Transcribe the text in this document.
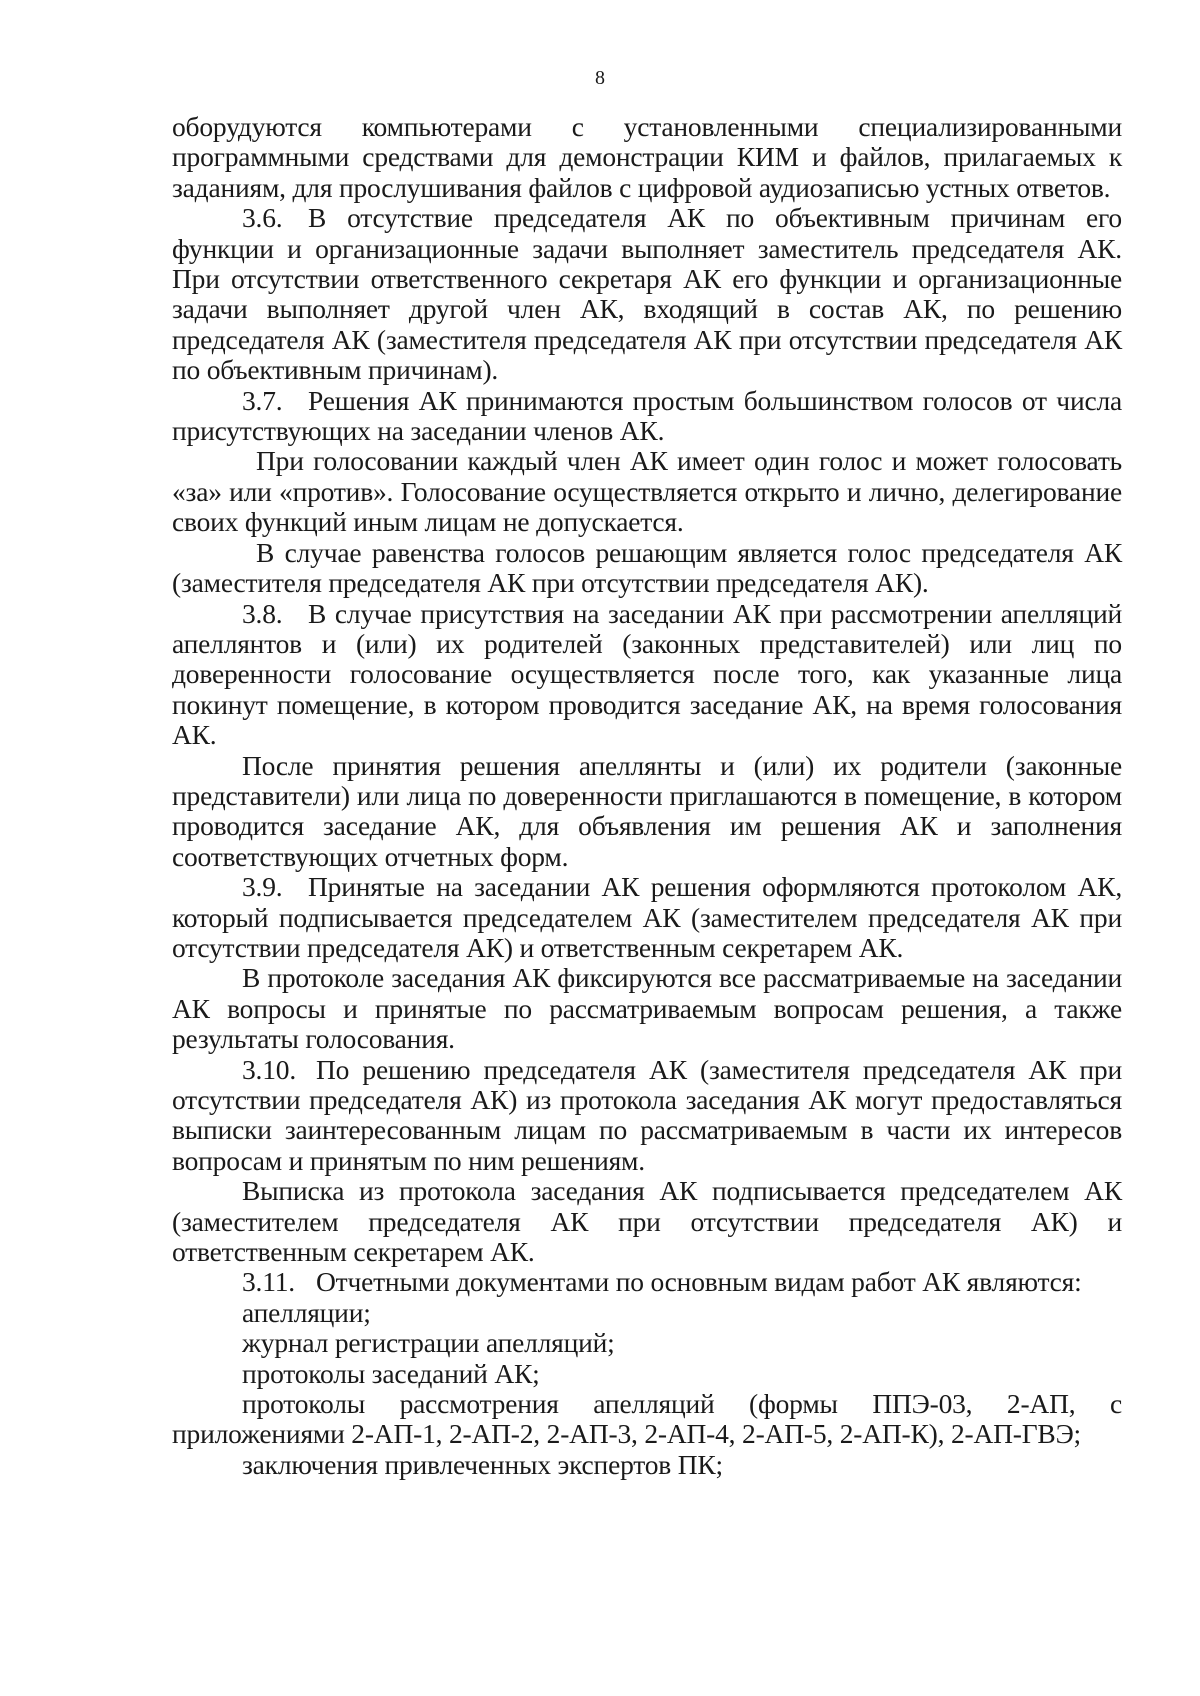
8

оборудуются компьютерами с установленными специализированными программными средствами для демонстрации КИМ и файлов, прилагаемых к заданиям, для прослушивания файлов с цифровой аудиозаписью устных ответов.

3.6. В отсутствие председателя АК по объективным причинам его функции и организационные задачи выполняет заместитель председателя АК. При отсутствии ответственного секретаря АК его функции и организационные задачи выполняет другой член АК, входящий в состав АК, по решению председателя АК (заместителя председателя АК при отсутствии председателя АК по объективным причинам).

3.7. Решения АК принимаются простым большинством голосов от числа присутствующих на заседании членов АК.

При голосовании каждый член АК имеет один голос и может голосовать «за» или «против». Голосование осуществляется открыто и лично, делегирование своих функций иным лицам не допускается.

В случае равенства голосов решающим является голос председателя АК (заместителя председателя АК при отсутствии председателя АК).

3.8. В случае присутствия на заседании АК при рассмотрении апелляций апеллянтов и (или) их родителей (законных представителей) или лиц по доверенности голосование осуществляется после того, как указанные лица покинут помещение, в котором проводится заседание АК, на время голосования АК.

После принятия решения апеллянты и (или) их родители (законные представители) или лица по доверенности приглашаются в помещение, в котором проводится заседание АК, для объявления им решения АК и заполнения соответствующих отчетных форм.

3.9. Принятые на заседании АК решения оформляются протоколом АК, который подписывается председателем АК (заместителем председателя АК при отсутствии председателя АК) и ответственным секретарем АК.

В протоколе заседания АК фиксируются все рассматриваемые на заседании АК вопросы и принятые по рассматриваемым вопросам решения, а также результаты голосования.

3.10. По решению председателя АК (заместителя председателя АК при отсутствии председателя АК) из протокола заседания АК могут предоставляться выписки заинтересованным лицам по рассматриваемым в части их интересов вопросам и принятым по ним решениям.

Выписка из протокола заседания АК подписывается председателем АК (заместителем председателя АК при отсутствии председателя АК) и ответственным секретарем АК.

3.11. Отчетными документами по основным видам работ АК являются:

апелляции;

журнал регистрации апелляций;

протоколы заседаний АК;

протоколы рассмотрения апелляций (формы ППЭ-03, 2-АП, с приложениями 2-АП-1, 2-АП-2, 2-АП-3, 2-АП-4, 2-АП-5, 2-АП-К), 2-АП-ГВЭ;

заключения привлеченных экспертов ПК;
